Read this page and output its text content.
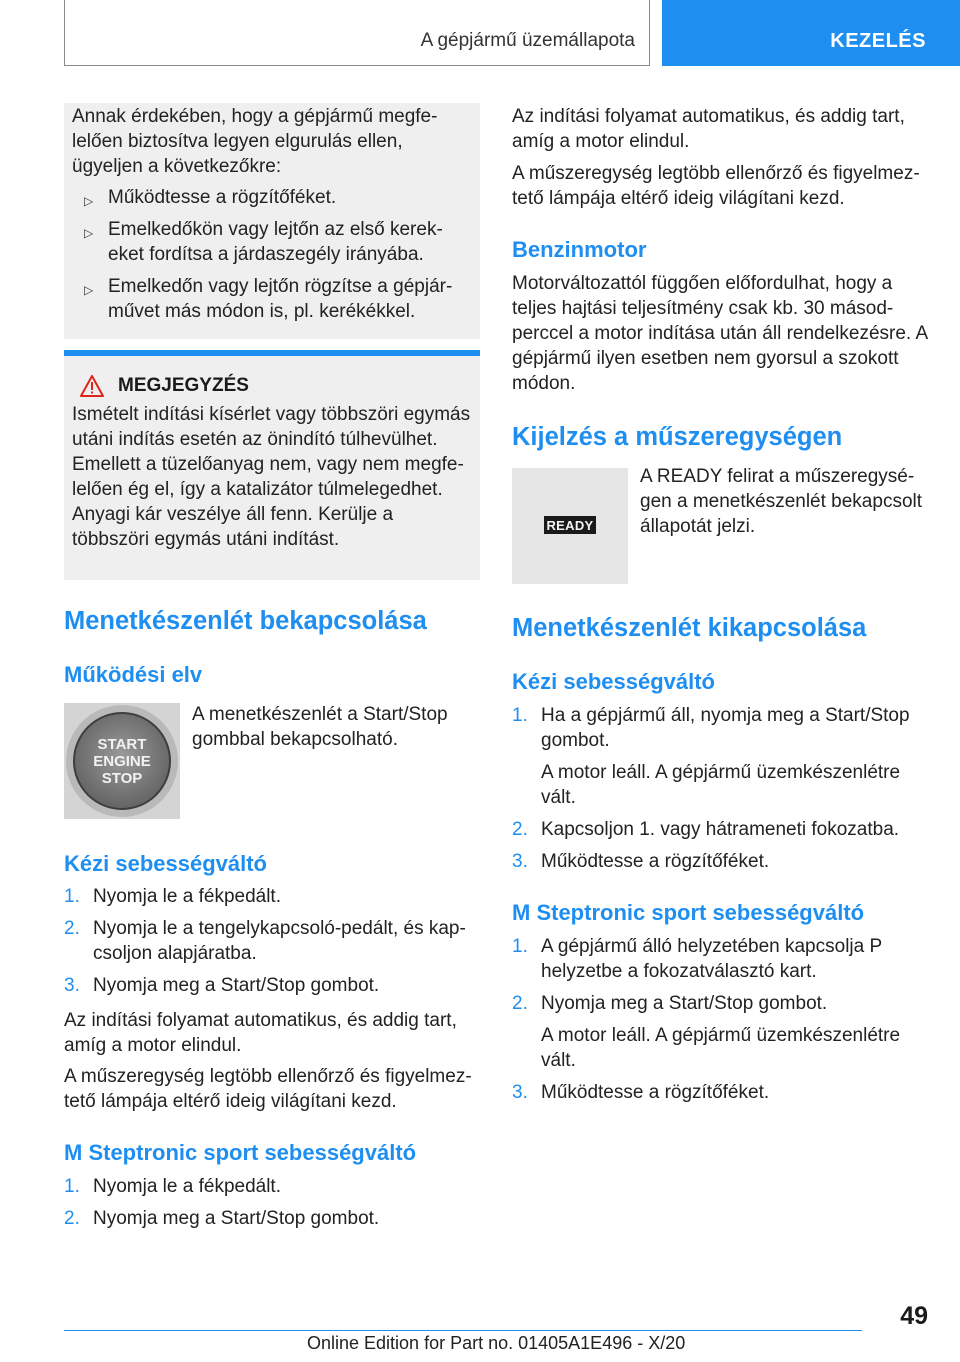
A gépjármű üzemállapota	KEZELÉS

Annak érdekében, hogy a gépjármű megfelelően biztosítva legyen elgurulás ellen, ügyeljen a következőkre:

▷ Működtesse a rögzítőféket.
▷ Emelkedőkön vagy lejtőn az első kerekeket fordítsa a járdaszegély irányába.
▷ Emelkedőn vagy lejtőn rögzítse a gépjárművet más módon is, pl. kerékékkel.
MEGJEGYZÉS

Ismételt indítási kísérlet vagy többszöri egymás utáni indítás esetén az önindító túlhevülhet. Emellett a tüzelőanyag nem, vagy nem megfelelően ég el, így a katalizátor túlmelegedhet. Anyagi kár veszélye áll fenn. Kerülje a többszöri egymás utáni indítást.

Menetkészenlét bekapcsolása
Működési elv
START
ENGINE
STOP

A menetkészenlét a Start/Stop gombbal bekapcsolható.

Kézi sebességváltó
1. Nyomja le a fékpedált.
2. Nyomja le a tengelykapcsoló-pedált, és kapcsoljon alapjáratba.
3. Nyomja meg a Start/Stop gombot.

Az indítási folyamat automatikus, és addig tart, amíg a motor elindul.

A műszeregység legtöbb ellenőrző és figyelmeztető lámpája eltérő ideig világítani kezd.

M Steptronic sport sebességváltó
1. Nyomja le a fékpedált.
2. Nyomja meg a Start/Stop gombot.

Az indítási folyamat automatikus, és addig tart, amíg a motor elindul.

A műszeregység legtöbb ellenőrző és figyelmeztető lámpája eltérő ideig világítani kezd.

Benzinmotor

Motorváltozattól függően előfordulhat, hogy a teljes hajtási teljesítmény csak kb. 30 másodperccel a motor indítása után áll rendelkezésre. A gépjármű ilyen esetben nem gyorsul a szokott módon.

Kijelzés a műszeregységen
READY

A READY felirat a műszeregységen a menetkészenlét bekapcsolt állapotát jelzi.

Menetkészenlét kikapcsolása
Kézi sebességváltó
1. Ha a gépjármű áll, nyomja meg a Start/Stop gombot.
A motor leáll. A gépjármű üzemkészenlétre vált.
2. Kapcsoljon 1. vagy hátrameneti fokozatba.
3. Működtesse a rögzítőféket.
M Steptronic sport sebességváltó
1. A gépjármű álló helyzetében kapcsolja P helyzetbe a fokozatválasztó kart.
2. Nyomja meg a Start/Stop gombot.
A motor leáll. A gépjármű üzemkészenlétre vált.
3. Működtesse a rögzítőféket.
49
Online Edition for Part no. 01405A1E496 - X/20
